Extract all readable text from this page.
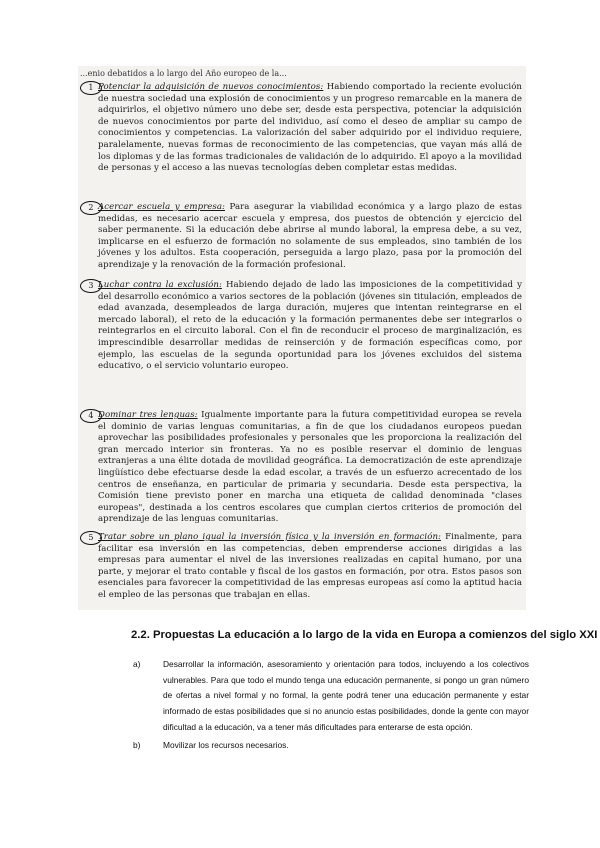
...enio debatidos a lo largo del Año europeo de la...
1 Potenciar la adquisición de nuevos conocimientos: Habiendo comportado la reciente evolución de nuestra sociedad una explosión de conocimientos y un progreso remarcable en la manera de adquirirlos, el objetivo número uno debe ser, desde esta perspectiva, potenciar la adquisición de nuevos conocimientos por parte del individuo, así como el deseo de ampliar su campo de conocimientos y competencias. La valorización del saber adquirido por el individuo requiere, paralelamente, nuevas formas de reconocimiento de las competencias, que vayan más allá de los diplomas y de las formas tradicionales de validación de lo adquirido. El apoyo a la movilidad de personas y el acceso a las nuevas tecnologías deben completar estas medidas.
2 Acercar escuela y empresa: Para asegurar la viabilidad económica y a largo plazo de estas medidas, es necesario acercar escuela y empresa, dos puestos de obtención y ejercicio del saber permanente. Si la educación debe abrirse al mundo laboral, la empresa debe, a su vez, implicarse en el esfuerzo de formación no solamente de sus empleados, sino también de los jóvenes y los adultos. Esta cooperación, perseguida a largo plazo, pasa por la promoción del aprendizaje y la renovación de la formación profesional.
3 Luchar contra la exclusión: Habiendo dejado de lado las imposiciones de la competitividad y del desarrollo económico a varios sectores de la población (jóvenes sin titulación, empleados de edad avanzada, desempleados de larga duración, mujeres que intentan reintegrarse en el mercado laboral), el reto de la educación y la formación permanentes debe ser integrarlos o reintegrarlos en el circuito laboral. Con el fin de reconducir el proceso de marginalización, es imprescindible desarrollar medidas de reinserción y de formación específicas como, por ejemplo, las escuelas de la segunda oportunidad para los jóvenes excluidos del sistema educativo, o el servicio voluntario europeo.
4 Dominar tres lenguas: Igualmente importante para la futura competitividad europea se revela el dominio de varias lenguas comunitarias, a fin de que los ciudadanos europeos puedan aprovechar las posibilidades profesionales y personales que les proporciona la realización del gran mercado interior sin fronteras. Ya no es posible reservar el dominio de lenguas extranjeras a una élite dotada de movilidad geográfica. La democratización de este aprendizaje lingüístico debe efectuarse desde la edad escolar, a través de un esfuerzo acrecentado de los centros de enseñanza, en particular de primaria y secundaria. Desde esta perspectiva, la Comisión tiene previsto poner en marcha una etiqueta de calidad denominada "clases europeas", destinada a los centros escolares que cumplan ciertos criterios de promoción del aprendizaje de las lenguas comunitarias.
5 Tratar sobre un plano igual la inversión física y la inversión en formación: Finalmente, para facilitar esa inversión en las competencias, deben emprenderse acciones dirigidas a las empresas para aumentar el nivel de las inversiones realizadas en capital humano, por una parte, y mejorar el trato contable y fiscal de los gastos en formación, por otra. Estos pasos son esenciales para favorecer la competitividad de las empresas europeas así como la aptitud hacia el empleo de las personas que trabajan en ellas.
2.2. Propuestas La educación a lo largo de la vida en Europa a comienzos del siglo XXI
a)	Desarrollar la información, asesoramiento y orientación para todos, incluyendo a los colectivos vulnerables. Para que todo el mundo tenga una educación permanente, si pongo un gran número de ofertas a nivel formal y no formal, la gente podrá tener una educación permanente y estar informado de estas posibilidades que si no anuncio estas posibilidades, donde la gente con mayor dificultad a la educación, va a tener más dificultades para enterarse de esta opción.
b)	Movilizar los recursos necesarios.
